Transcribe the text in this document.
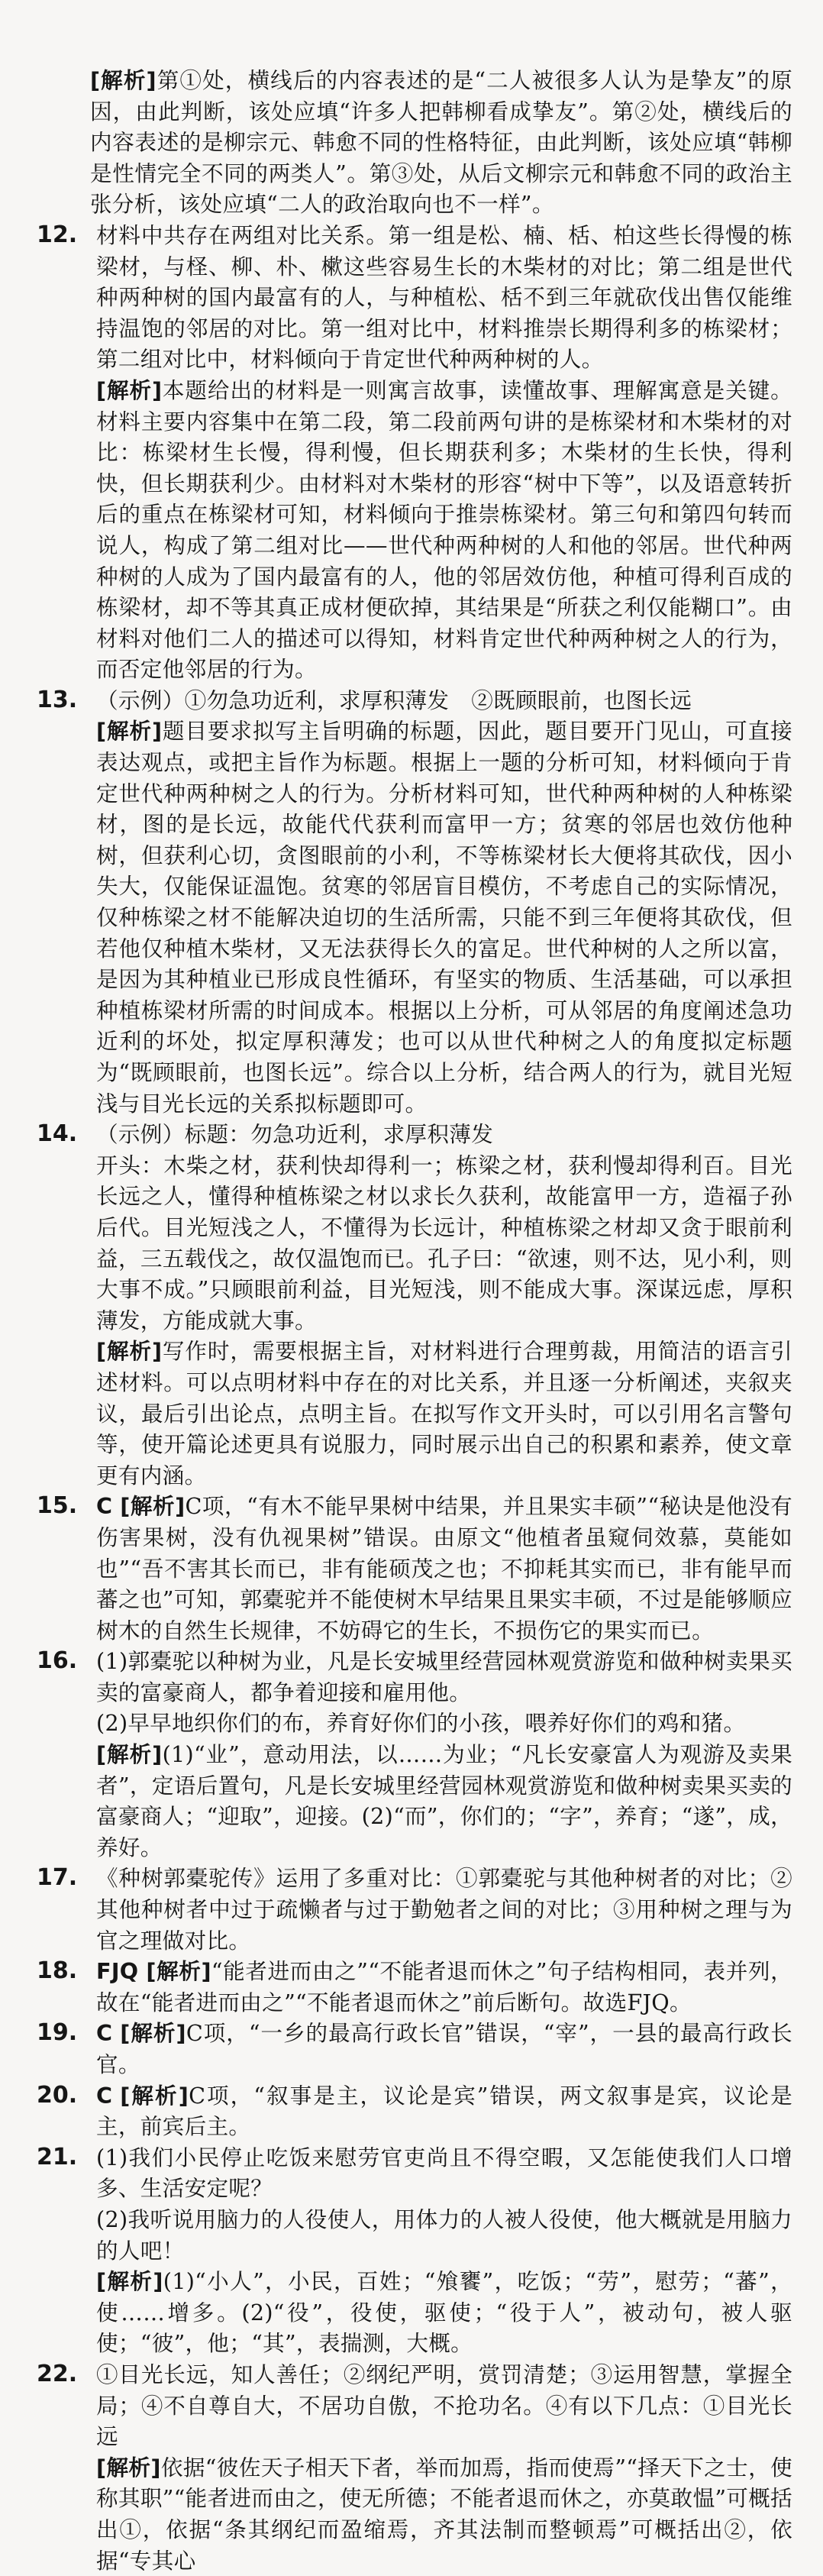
[解析]第①处，横线后的内容表述的是“二人被很多人认为是挚友”的原因，由此判断，该处应填“许多人把韩柳看成挚友”。第②处，横线后的内容表述的是柳宗元、韩愈不同的性格特征，由此判断，该处应填“韩柳是性情完全不同的两类人”。第③处，从后文柳宗元和韩愈不同的政治主张分析，该处应填“二人的政治取向也不一样”。

12. 材料中共存在两组对比关系。第一组是松、楠、栝、柏这些长得慢的栋梁材，与柽、柳、朴、樕这些容易生长的木柴材的对比；第二组是世代种两种树的国内最富有的人，与种植松、栝不到三年就砍伐出售仅能维持温饱的邻居的对比。第一组对比中，材料推崇长期得利多的栋梁材；第二组对比中，材料倾向于肯定世代种两种树的人。

[解析]本题给出的材料是一则寓言故事，读懂故事、理解寓意是关键。材料主要内容集中在第二段，第二段前两句讲的是栋梁材和木柴材的对比：栋梁材生长慢，得利慢，但长期获利多；木柴材的生长快，得利快，但长期获利少。由材料对木柴材的形容“树中下等”，以及语意转折后的重点在栋梁材可知，材料倾向于推崇栋梁材。第三句和第四句转而说人，构成了第二组对比——世代种两种树的人和他的邻居。世代种两种树的人成为了国内最富有的人，他的邻居效仿他，种植可得利百成的栋梁材，却不等其真正成材便砍掉，其结果是“所获之利仅能糊口”。由材料对他们二人的描述可以得知，材料肯定世代种两种树之人的行为，而否定他邻居的行为。

13. （示例）①勿急功近利，求厚积薄发　②既顾眼前，也图长远

[解析]题目要求拟写主旨明确的标题，因此，题目要开门见山，可直接表达观点，或把主旨作为标题。根据上一题的分析可知，材料倾向于肯定世代种两种树之人的行为。分析材料可知，世代种两种树的人种栋梁材，图的是长远，故能代代获利而富甲一方；贫寒的邻居也效仿他种树，但获利心切，贪图眼前的小利，不等栋梁材长大便将其砍伐，因小失大，仅能保证温饱。贫寒的邻居盲目模仿，不考虑自己的实际情况，仅种栋梁之材不能解决迫切的生活所需，只能不到三年便将其砍伐，但若他仅种植木柴材，又无法获得长久的富足。世代种树的人之所以富，是因为其种植业已形成良性循环，有坚实的物质、生活基础，可以承担种植栋梁材所需的时间成本。根据以上分析，可从邻居的角度阐述急功近利的坏处，拟定厚积薄发；也可以从世代种树之人的角度拟定标题为“既顾眼前，也图长远”。综合以上分析，结合两人的行为，就目光短浅与目光长远的关系拟标题即可。

14. （示例）标题：勿急功近利，求厚积薄发

开头：木柴之材，获利快却得利一；栋梁之材，获利慢却得利百。目光长远之人，懂得种植栋梁之材以求长久获利，故能富甲一方，造福子孙后代。目光短浅之人，不懂得为长远计，种植栋梁之材却又贪于眼前利益，三五载伐之，故仅温饱而已。孔子曰：“欲速，则不达，见小利，则大事不成。”只顾眼前利益，目光短浅，则不能成大事。深谋远虑，厚积薄发，方能成就大事。

[解析]写作时，需要根据主旨，对材料进行合理剪裁，用简洁的语言引述材料。可以点明材料中存在的对比关系，并且逐一分析阐述，夹叙夹议，最后引出论点，点明主旨。在拟写作文开头时，可以引用名言警句等，使开篇论述更具有说服力，同时展示出自己的积累和素养，使文章更有内涵。

15. C [解析]C项，“有木不能早果树中结果，并且果实丰硕”“秘诀是他没有伤害果树，没有仇视果树”错误。由原文“他植者虽窥伺效慕，莫能如也”“吾不害其长而已，非有能硕茂之也；不抑耗其实而已，非有能早而蕃之也”可知，郭橐驼并不能使树木早结果且果实丰硕，不过是能够顺应树木的自然生长规律，不妨碍它的生长，不损伤它的果实而已。

16. (1)郭橐驼以种树为业，凡是长安城里经营园林观赏游览和做种树卖果买卖的富豪商人，都争着迎接和雇用他。

(2)早早地织你们的布，养育好你们的小孩，喂养好你们的鸡和猪。

[解析](1)“业”，意动用法，以……为业；“凡长安豪富人为观游及卖果者”，定语后置句，凡是长安城里经营园林观赏游览和做种树卖果买卖的富豪商人；“迎取”，迎接。(2)“而”，你们的；“字”，养育；“遂”，成，养好。

17. 《种树郭橐驼传》运用了多重对比：①郭橐驼与其他种树者的对比；②其他种树者中过于疏懒者与过于勤勉者之间的对比；③用种树之理与为官之理做对比。

18. FJQ [解析]“能者进而由之”“不能者退而休之”句子结构相同，表并列，故在“能者进而由之”“不能者退而休之”前后断句。故选FJQ。

19. C [解析]C项，“一乡的最高行政长官”错误，“宰”，一县的最高行政长官。

20. C [解析]C项，“叙事是主，议论是宾”错误，两文叙事是宾，议论是主，前宾后主。

21. (1)我们小民停止吃饭来慰劳官吏尚且不得空暇，又怎能使我们人口增多、生活安定呢？

(2)我听说用脑力的人役使人，用体力的人被人役使，他大概就是用脑力的人吧！

[解析](1)“小人”，小民，百姓；“飧饔”，吃饭；“劳”，慰劳；“蕃”，使……增多。(2)“役”，役使，驱使；“役于人”，被动句，被人驱使；“彼”，他；“其”，表揣测，大概。

22. ①目光长远，知人善任；②纲纪严明，赏罚清楚；③运用智慧，掌握全局；④不自尊自大，不居功自傲，不抢功名。④有以下几点：①目光长远

[解析]依据“彼佐天子相天下者，举而加焉，指而使焉”“择天下之士，使称其职”“能者进而由之，使无所德；不能者退而休之，亦莫敢愠”可概括出①，依据“条其纲纪而盈缩焉，齐其法制而整顿焉”可概括出②，依据“专其心
